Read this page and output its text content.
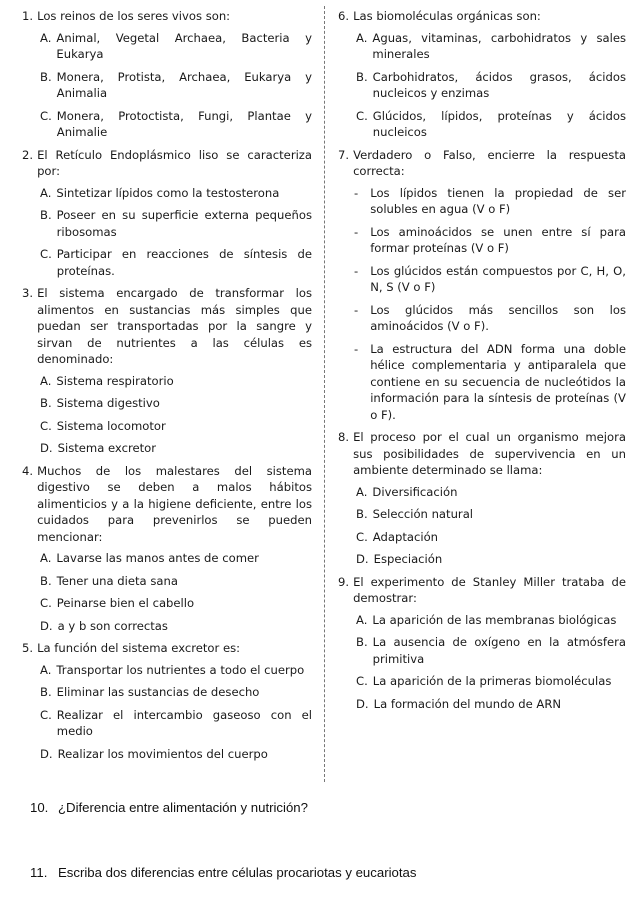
1. Los reinos de los seres vivos son:
A. Animal, Vegetal Archaea, Bacteria y Eukarya
B. Monera, Protista, Archaea, Eukarya y Animalia
C. Monera, Protoctista, Fungi, Plantae y Animalie
2. El Retículo Endoplásmico liso se caracteriza por:
A. Sintetizar lípidos como la testosterona
B. Poseer en su superficie externa pequeños ribosomas
C. Participar en reacciones de síntesis de proteínas.
3. El sistema encargado de transformar los alimentos en sustancias más simples que puedan ser transportadas por la sangre y sirvan de nutrientes a las células es denominado:
A. Sistema respiratorio
B. Sistema digestivo
C. Sistema locomotor
D. Sistema excretor
4. Muchos de los malestares del sistema digestivo se deben a malos hábitos alimenticios y a la higiene deficiente, entre los cuidados para prevenirlos se pueden mencionar:
A. Lavarse las manos antes de comer
B. Tener una dieta sana
C. Peinarse bien el cabello
D. a y b son correctas
5. La función del sistema excretor es:
A. Transportar los nutrientes a todo el cuerpo
B. Eliminar las sustancias de desecho
C. Realizar el intercambio gaseoso con el medio
D. Realizar los movimientos del cuerpo
6. Las biomoléculas orgánicas son:
A. Aguas, vitaminas, carbohidratos y sales minerales
B. Carbohidratos, ácidos grasos, ácidos nucleicos y enzimas
C. Glúcidos, lípidos, proteínas y ácidos nucleicos
7. Verdadero o Falso, encierre la respuesta correcta:
- Los lípidos tienen la propiedad de ser solubles en agua (V o F)
- Los aminoácidos se unen entre sí para formar proteínas (V o F)
- Los glúcidos están compuestos por C, H, O, N, S (V o F)
- Los glúcidos más sencillos son los aminoácidos (V o F).
- La estructura del ADN forma una doble hélice complementaria y antiparalela que contiene en su secuencia de nucleótidos la información para la síntesis de proteínas (V o F).
8. El proceso por el cual un organismo mejora sus posibilidades de supervivencia en un ambiente determinado se llama:
A. Diversificación
B. Selección natural
C. Adaptación
D. Especiación
9. El experimento de Stanley Miller trataba de demostrar:
A. La aparición de las membranas biológicas
B. La ausencia de oxígeno en la atmósfera primitiva
C. La aparición de la primeras biomoléculas
D. La formación del mundo de ARN
10. ¿Diferencia entre alimentación y nutrición?
11. Escriba dos diferencias entre células procariotas y eucariotas
